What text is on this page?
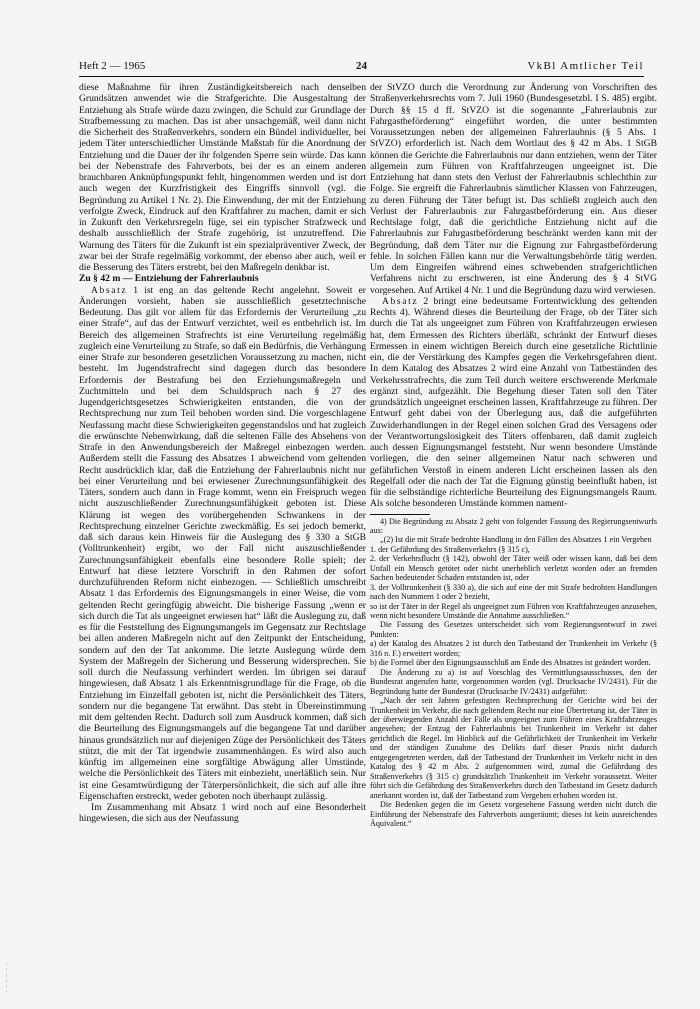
Heft 2 — 1965	24	VkBl Amtlicher Teil

diese Maßnahme für ihren Zuständigkeitsbereich nach denselben Grundsätzen anwendet wie die Strafgerichte. Die Ausgestaltung der Entziehung als Strafe würde dazu zwingen, die Schuld zur Grundlage der Strafbemessung zu machen. Das ist aber unsachgemäß, weil dann nicht die Sicherheit des Straßenverkehrs, sondern ein Bündel individueller, bei jedem Täter unterschiedlicher Umstände Maßstab für die Anordnung der Entziehung und die Dauer der ihr folgenden Sperre sein würde. Das kann bei der Nebenstrafe des Fahrverbots, bei der es an einem anderen brauchbaren Anknüpfungspunkt fehlt, hingenommen werden und ist dort auch wegen der Kurzfristigkeit des Eingriffs sinnvoll (vgl. die Begründung zu Artikel 1 Nr. 2). Die Einwendung, der mit der Entziehung verfolgte Zweck, Eindruck auf den Kraftfahrer zu machen, damit er sich in Zukunft den Verkehrsregeln füge, sei ein typischer Strafzweck und deshalb ausschließlich der Strafe zugehörig, ist unzutreffend. Die Warnung des Täters für die Zukunft ist ein spezialpräventiver Zweck, der zwar bei der Strafe regelmäßig vorkommt, der ebenso aber auch, weil er die Besserung des Täters erstrebt, bei den Maßregeln denkbar ist.

Zu § 42 m — Entziehung der Fahrerlaubnis

Absatz 1 ist eng an das geltende Recht angelehnt. Soweit er Änderungen vorsieht, haben sie ausschließlich gesetztechnische Bedeutung. Das gilt vor allem für das Erfordernis der Verurteilung „zu einer Strafe“, auf das der Entwurf verzichtet, weil es entbehrlich ist. Im Bereich des allgemeinen Strafrechts ist eine Verurteilung regelmäßig zugleich eine Verurteilung zu Strafe, so daß ein Bedürfnis, die Verhängung einer Strafe zur besonderen gesetzlichen Voraussetzung zu machen, nicht besteht. Im Jugendstrafrecht sind dagegen durch das besondere Erfordernis der Bestrafung bei den Erziehungsmaßregeln und Zuchtmitteln und bei dem Schuldspruch nach § 27 des Jugendgerichtsgesetzes Schwierigkeiten entstanden, die von der Rechtsprechung nur zum Teil behoben worden sind. Die vorgeschlagene Neufassung macht diese Schwierigkeiten gegenstandslos und hat zugleich die erwünschte Nebenwirkung, daß die seltenen Fälle des Absehens von Strafe in den Anwendungsbereich der Maßregel einbezogen werden. Außerdem stellt die Fassung des Absatzes 1 abweichend vom geltenden Recht ausdrücklich klar, daß die Entziehung der Fahrerlaubnis nicht nur bei einer Verurteilung und bei erwiesener Zurechnungsunfähigkeit des Täters, sondern auch dann in Frage kommt, wenn ein Freispruch wegen nicht auszuschließender Zurechnungsunfähigkeit geboten ist. Diese Klärung ist wegen des vorübergehenden Schwankens in der Rechtsprechung einzelner Gerichte zweckmäßig. Es sei jedoch bemerkt, daß sich daraus kein Hinweis für die Auslegung des § 330 a StGB (Volltrunkenheit) ergibt, wo der Fall nicht auszuschließender Zurechnungsunfähigkeit ebenfalls eine besondere Rolle spielt; der Entwurf hat diese letztere Vorschrift in den Rahmen der sofort durchzuführenden Reform nicht einbezogen. — Schließlich umschreibt Absatz 1 das Erfordernis des Eignungsmangels in einer Weise, die vom geltenden Recht geringfügig abweicht. Die bisherige Fassung „wenn er sich durch die Tat als ungeeignet erwiesen hat“ läßt die Auslegung zu, daß es für die Feststellung des Eignungsmangels im Gegensatz zur Rechtslage bei allen anderen Maßregeln nicht auf den Zeitpunkt der Entscheidung, sondern auf den der Tat ankomme. Die letzte Auslegung würde dem System der Maßregeln der Sicherung und Besserung widersprechen. Sie soll durch die Neufassung verhindert werden. Im übrigen sei darauf hingewiesen, daß Absatz 1 als Erkenntnisgrundlage für die Frage, ob die Entziehung im Einzelfall geboten ist, nicht die Persönlichkeit des Täters, sondern nur die begangene Tat erwähnt. Das steht in Übereinstimmung mit dem geltenden Recht. Dadurch soll zum Ausdruck kommen, daß sich die Beurteilung des Eignungsmangels auf die begangene Tat und darüber hinaus grundsätzlich nur auf diejenigen Züge der Persönlichkeit des Täters stützt, die mit der Tat irgendwie zusammenhängen. Es wird also auch künftig im allgemeinen eine sorgfältige Abwägung aller Umstände, welche die Persönlichkeit des Täters mit einbezieht, unerläßlich sein. Nur ist eine Gesamtwürdigung der Täterpersönlichkeit, die sich auf alle ihre Eigenschaften erstreckt, weder geboten noch überhaupt zulässig.

Im Zusammenhang mit Absatz 1 wird noch auf eine Besonderheit hingewiesen, die sich aus der Neufassung

der StVZO durch die Verordnung zur Änderung von Vorschriften des Straßenverkehrsrechts vom 7. Juli 1960 (Bundesgesetzbl. I S. 485) ergibt. Durch §§ 15 d ff. StVZO ist die sogenannte „Fahrerlaubnis zur Fahrgastbeförderung“ eingeführt worden, die unter bestimmten Voraussetzungen neben der allgemeinen Fahrerlaubnis (§ 5 Abs. 1 StVZO) erforderlich ist. Nach dem Wortlaut des § 42 m Abs. 1 StGB können die Gerichte die Fahrerlaubnis nur dann entziehen, wenn der Täter allgemein zum Führen von Kraftfahrzeugen ungeeignet ist. Die Entziehung hat dann stets den Verlust der Fahrerlaubnis schlechthin zur Folge. Sie ergreift die Fahrerlaubnis sämtlicher Klassen von Fahrzeugen, zu deren Führung der Täter befugt ist. Das schließt zugleich auch den Verlust der Fahrerlaubnis zur Fahrgastbeförderung ein. Aus dieser Rechtslage folgt, daß die gerichtliche Entziehung nicht auf die Fahrerlaubnis zur Fahrgastbeförderung beschränkt werden kann mit der Begründung, daß dem Täter nur die Eignung zur Fahrgastbeförderung fehle. In solchen Fällen kann nur die Verwaltungsbehörde tätig werden. Um dem Eingreifen während eines schwebenden strafgerichtlichen Verfahrens nicht zu erschweren, ist eine Änderung des § 4 StVG vorgesehen. Auf Artikel 4 Nr. 1 und die Begründung dazu wird verwiesen.

Absatz 2 bringt eine bedeutsame Fortentwicklung des geltenden Rechts 4). Während dieses die Beurteilung der Frage, ob der Täter sich durch die Tat als ungeeignet zum Führen von Kraftfahrzeugen erwiesen hat, dem Ermessen des Richters überläßt, schränkt der Entwurf dieses Ermessen in einem wichtigen Bereich durch eine gesetzliche Richtlinie ein, die der Verstärkung des Kampfes gegen die Verkehrsgefahren dient. In dem Katalog des Absatzes 2 wird eine Anzahl von Tatbeständen des Verkehrsstrafrechts, die zum Teil durch weitere erschwerende Merkmale ergänzt sind, aufgezählt. Die Begehung dieser Taten soll den Täter grundsätzlich ungeeignet erscheinen lassen, Kraftfahrzeuge zu führen. Der Entwurf geht dabei von der Überlegung aus, daß die aufgeführten Zuwiderhandlungen in der Regel einen solchen Grad des Versagens oder der Verantwortungslosigkeit des Täters offenbaren, daß damit zugleich auch dessen Eignungsmangel feststeht. Nur wenn besondere Umstände vorliegen, die den seiner allgemeinen Natur nach schweren und gefährlichen Verstoß in einem anderen Licht erscheinen lassen als den Regelfall oder die nach der Tat die Eignung günstig beeinflußt haben, ist für die selbständige richterliche Beurteilung des Eignungsmangels Raum. Als solche besonderen Umstände kommen nament-

4) Die Begründung zu Absatz 2 geht von folgender Fassung des Regierungsentwurfs aus:

„(2) Ist die mit Strafe bedrohte Handlung in den Fällen des Absatzes 1 ein Vergehen

1. der Gefährdung des Straßenverkehrs (§ 315 c),

2. der Verkehrsflucht (§ 142), obwohl der Täter weiß oder wissen kann, daß bei dem Unfall ein Mensch getötet oder nicht unerheblich verletzt worden oder an fremden Sachen bedeutender Schaden entstanden ist, oder

3. der Volltrunkenheit (§ 330 a), die sich auf eine der mit Strafe bedrohten Handlungen nach den Nummern 1 oder 2 bezieht,

so ist der Täter in der Regel als ungeeignet zum Führen von Kraftfahrzeugen anzusehen, wenn nicht besondere Umstände die Annahme ausschließen.“

Die Fassung des Gesetzes unterscheidet sich vom Regierungsentwurf in zwei Punkten:

a) der Katalog des Absatzes 2 ist durch den Tatbestand der Trunkenheit im Verkehr (§ 316 n. F.) erweitert worden;

b) die Formel über den Eignungsausschluß am Ende des Absatzes ist geändert worden.

Die Änderung zu a) ist auf Vorschlag des Vermittlungsausschusses, den der Bundesrat angerufen hatte, vorgenommen worden (vgl. Drucksache IV/2431). Für die Begründung hatte der Bundesrat (Drucksache IV/2431) aufgeführt:

„Nach der seit Jahren gefestigten Rechtsprechung der Gerichte wird bei der Trunkenheit im Verkehr, die nach geltendem Recht nur eine Übertretung ist, der Täter in der überwiegenden Anzahl der Fälle als ungeeignet zum Führen eines Kraftfahrzeuges angesehen; der Entzug der Fahrerlaubnis bei Trunkenheit im Verkehr ist daher gerichtlich die Regel. Im Hinblick auf die Gefährlichkeit der Trunkenheit im Verkehr und der ständigen Zunahme des Delikts darf dieser Praxis nicht dadurch entgegengetreten werden, daß der Tatbestand der Trunkenheit im Verkehr nicht in den Katalog des § 42 m Abs. 2 aufgenommen wird, zumal die Gefährdung des Straßenverkehrs (§ 315 c) grundsätzlich Trunkenheit im Verkehr voraussetzt. Weiter führt sich die Gefährdung des Straßenverkehrs durch den Tatbestand im Gesetz dadurch anerkannt worden ist, daß der Tatbestand zum Vergehen erhoben worden ist.

Die Bedenken gegen die im Gesetz vorgesehene Fassung werden nicht durch die Einführung der Nebenstrafe des Fahrverbots ausgeräumt; dieses ist kein ausreichendes Äquivalent.“
